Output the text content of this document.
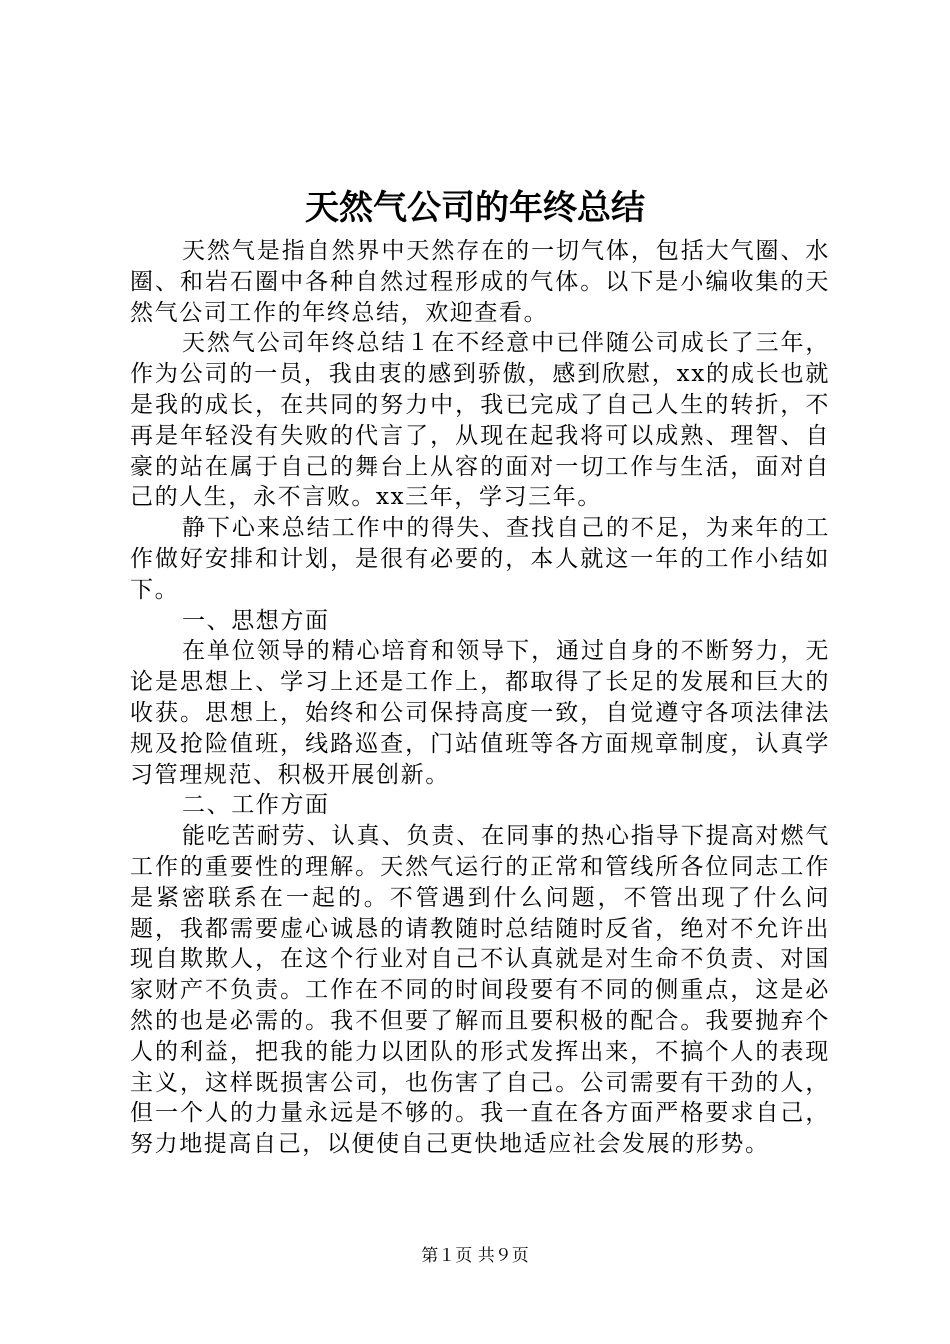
天然气公司的年终总结

天然气是指自然界中天然存在的一切气体，包括大气圈、水圈、和岩石圈中各种自然过程形成的气体。以下是小编收集的天然气公司工作的年终总结，欢迎查看。

天然气公司年终总结１在不经意中已伴随公司成长了三年，作为公司的一员，我由衷的感到骄傲，感到欣慰，xx的成长也就是我的成长，在共同的努力中，我已完成了自己人生的转折，不再是年轻没有失败的代言了，从现在起我将可以成熟、理智、自豪的站在属于自己的舞台上从容的面对一切工作与生活，面对自己的人生，永不言败。xx三年，学习三年。

静下心来总结工作中的得失、查找自己的不足，为来年的工作做好安排和计划，是很有必要的，本人就这一年的工作小结如下。

一、思想方面

在单位领导的精心培育和领导下，通过自身的不断努力，无论是思想上、学习上还是工作上，都取得了长足的发展和巨大的收获。思想上，始终和公司保持高度一致，自觉遵守各项法律法规及抢险值班，线路巡查，门站值班等各方面规章制度，认真学习管理规范、积极开展创新。

二、工作方面

能吃苦耐劳、认真、负责、在同事的热心指导下提高对燃气工作的重要性的理解。天然气运行的正常和管线所各位同志工作是紧密联系在一起的。不管遇到什么问题，不管出现了什么问题，我都需要虚心诚恳的请教随时总结随时反省，绝对不允许出现自欺欺人，在这个行业对自己不认真就是对生命不负责、对国家财产不负责。工作在不同的时间段要有不同的侧重点，这是必然的也是必需的。我不但要了解而且要积极的配合。我要抛弃个人的利益，把我的能力以团队的形式发挥出来，不搞个人的表现主义，这样既损害公司，也伤害了自己。公司需要有干劲的人，但一个人的力量永远是不够的。我一直在各方面严格要求自己，努力地提高自己，以便使自己更快地适应社会发展的形势。

第１页 共９页
